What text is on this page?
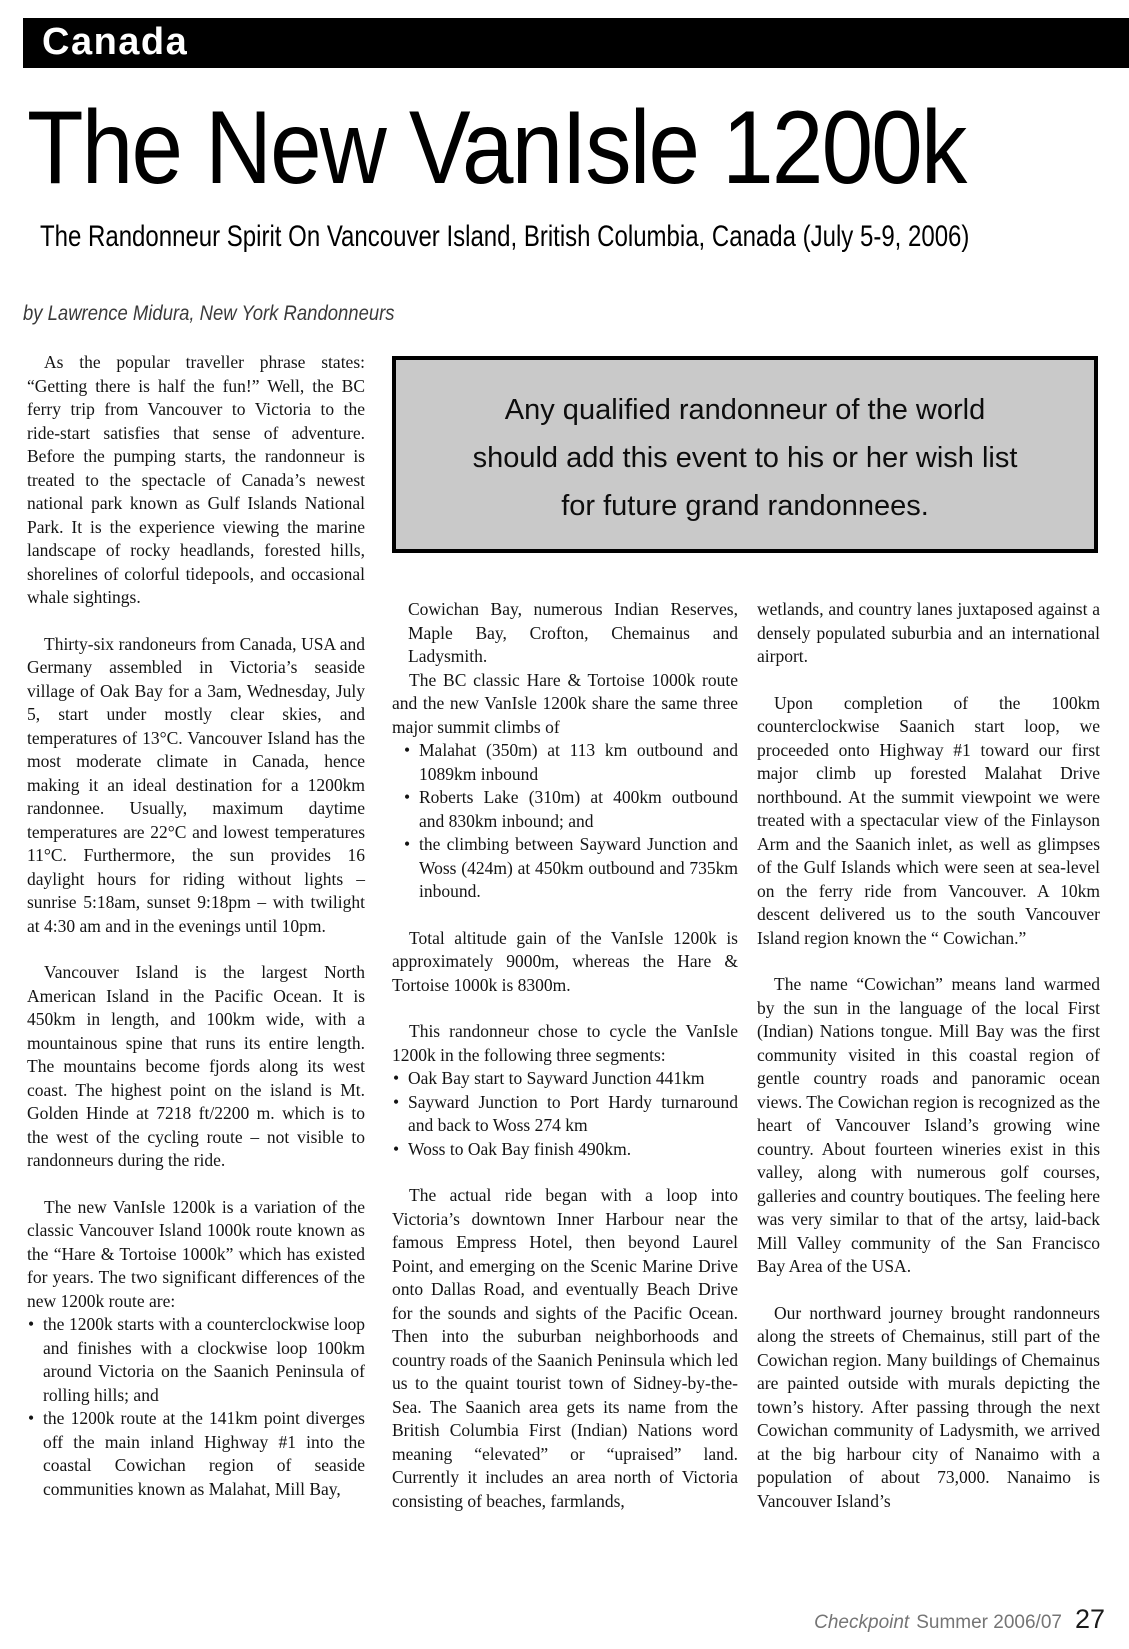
Canada
The New VanIsle 1200k
The Randonneur Spirit On Vancouver Island, British Columbia, Canada (July 5-9, 2006)
by Lawrence Midura, New York Randonneurs
Any qualified randonneur of the world
should add this event to his or her wish list
for future grand randonnees.

As the popular traveller phrase states: “Getting there is half the fun!” Well, the BC ferry trip from Vancouver to Victoria to the ride-start satisfies that sense of adventure. Before the pumping starts, the randonneur is treated to the spectacle of Canada’s newest national park known as Gulf Islands National Park. It is the experience viewing the marine landscape of rocky headlands, forested hills, shorelines of colorful tidepools, and occasional whale sightings.

Thirty-six randoneurs from Canada, USA and Germany assembled in Victoria’s seaside village of Oak Bay for a 3am, Wednesday, July 5, start under mostly clear skies, and temperatures of 13°C. Vancouver Island has the most moderate climate in Canada, hence making it an ideal destination for a 1200km randonnee. Usually, maximum daytime temperatures are 22°C and lowest temperatures 11°C. Furthermore, the sun provides 16 daylight hours for riding without lights – sunrise 5:18am, sunset 9:18pm – with twilight at 4:30 am and in the evenings until 10pm.

Vancouver Island is the largest North American Island in the Pacific Ocean. It is 450km in length, and 100km wide, with a mountainous spine that runs its entire length. The mountains become fjords along its west coast. The highest point on the island is Mt. Golden Hinde at 7218 ft/2200 m. which is to the west of the cycling route – not visible to randonneurs during the ride.

The new VanIsle 1200k is a variation of the classic Vancouver Island 1000k route known as the “Hare & Tortoise 1000k” which has existed for years. The two significant differences of the new 1200k route are:

• the 1200k starts with a counterclockwise loop and finishes with a clockwise loop 100km around Victoria on the Saanich Peninsula of rolling hills; and

• the 1200k route at the 141km point diverges off the main inland Highway #1 into the coastal Cowichan region of seaside communities known as Malahat, Mill Bay,

Cowichan Bay, numerous Indian Reserves, Maple Bay, Crofton, Chemainus and Ladysmith.

The BC classic Hare & Tortoise 1000k route and the new VanIsle 1200k share the same three major summit climbs of

• Malahat (350m) at 113 km outbound and 1089km inbound

• Roberts Lake (310m) at 400km outbound and 830km inbound; and

• the climbing between Sayward Junction and Woss (424m) at 450km outbound and 735km inbound.

Total altitude gain of the VanIsle 1200k is approximately 9000m, whereas the Hare & Tortoise 1000k is 8300m.

This randonneur chose to cycle the VanIsle 1200k in the following three segments:

• Oak Bay start to Sayward Junction 441km

• Sayward Junction to Port Hardy turnaround and back to Woss 274 km

• Woss to Oak Bay finish 490km.

The actual ride began with a loop into Victoria’s downtown Inner Harbour near the famous Empress Hotel, then beyond Laurel Point, and emerging on the Scenic Marine Drive onto Dallas Road, and eventually Beach Drive for the sounds and sights of the Pacific Ocean. Then into the suburban neighborhoods and country roads of the Saanich Peninsula which led us to the quaint tourist town of Sidney-by-the-Sea. The Saanich area gets its name from the British Columbia First (Indian) Nations word meaning “elevated” or “upraised” land. Currently it includes an area north of Victoria consisting of beaches, farmlands,

wetlands, and country lanes juxtaposed against a densely populated suburbia and an international airport.

Upon completion of the 100km counterclockwise Saanich start loop, we proceeded onto Highway #1 toward our first major climb up forested Malahat Drive northbound. At the summit viewpoint we were treated with a spectacular view of the Finlayson Arm and the Saanich inlet, as well as glimpses of the Gulf Islands which were seen at sea-level on the ferry ride from Vancouver. A 10km descent delivered us to the south Vancouver Island region known the “ Cowichan.”

The name “Cowichan” means land warmed by the sun in the language of the local First (Indian) Nations tongue. Mill Bay was the first community visited in this coastal region of gentle country roads and panoramic ocean views. The Cowichan region is recognized as the heart of Vancouver Island’s growing wine country. About fourteen wineries exist in this valley, along with numerous golf courses, galleries and country boutiques. The feeling here was very similar to that of the artsy, laid-back Mill Valley community of the San Francisco Bay Area of the USA.

Our northward journey brought randonneurs along the streets of Chemainus, still part of the Cowichan region. Many buildings of Chemainus are painted outside with murals depicting the town’s history. After passing through the next Cowichan community of Ladysmith, we arrived at the big harbour city of Nanaimo with a population of about 73,000. Nanaimo is Vancouver Island’s

Checkpoint Summer 2006/07 27
